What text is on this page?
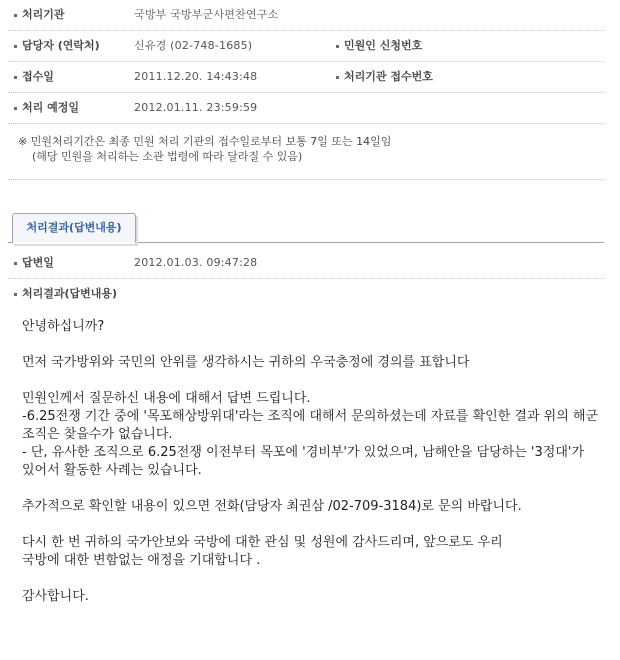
처리기관	국방부 국방부군사편찬연구소
담당자 (연락처)	신유경 (02-748-1685)	민원인 신청번호
접수일	2011.12.20. 14:43:48	처리기관 접수번호
처리 예정일	2012.01.11. 23:59:59
※ 민원처리기간은 최종 민원 처리 기관의 접수일로부터 보통 7일 또는 14일임
(해당 민원을 처리하는 소관 법령에 따라 달라질 수 있음)
처리결과(답변내용)
답변일	2012.01.03. 09:47:28
처리결과(답변내용)

안녕하십니까?

먼저 국가방위와 국민의 안위를 생각하시는 귀하의 우국충정에 경의를 표합니다

민원인께서 질문하신 내용에 대해서 답변 드립니다.

-6.25전쟁 기간 중에 '목포해상방위대'라는 조직에 대해서 문의하셨는데 자료를 확인한 결과 위의 해군 조직은 찾을수가 없습니다.

- 단, 유사한 조직으로 6.25전쟁 이전부터 목포에 '경비부'가 있었으며, 남해안을 담당하는 '3정대'가 있어서 활동한 사례는 있습니다.

추가적으로 확인할 내용이 있으면 전화(담당자 최권삼 /02-709-3184)로 문의 바랍니다.

다시 한 번 귀하의 국가안보와 국방에 대한 관심 및 성원에 감사드리며, 앞으로도 우리

국방에 대한 변함없는 애정을 기대합니다 .

감사합니다.
